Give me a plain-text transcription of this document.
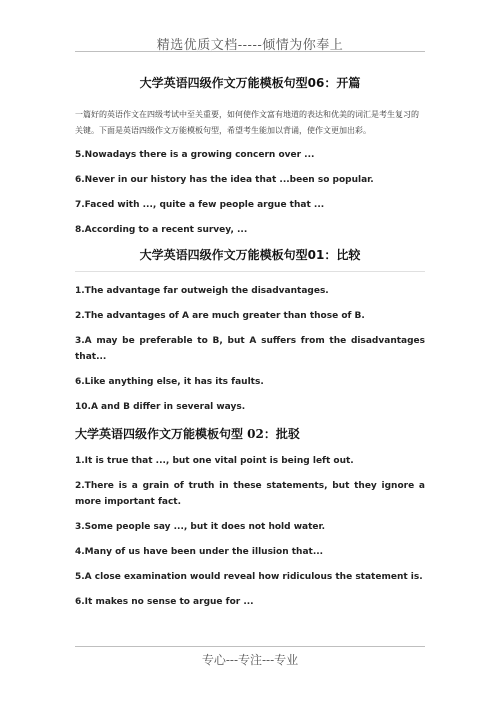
精选优质文档-----倾情为你奉上
大学英语四级作文万能模板句型06：开篇

一篇好的英语作文在四级考试中至关重要，如何使作文富有地道的表达和优美的词汇是考生复习的关键。下面是英语四级作文万能模板句型，希望考生能加以背诵，使作文更加出彩。

5.Nowadays there is a growing concern over ...

6.Never in our history has the idea that ...been so popular.

7.Faced with ..., quite a few people argue that ...

8.According to a recent survey, ...

大学英语四级作文万能模板句型01：比较

1.The advantage far outweigh the disadvantages.

2.The advantages of A are much greater than those of B.

3.A may be preferable to B, but A suffers from the disadvantages that...

6.Like anything else, it has its faults.

10.A and B differ in several ways.

大学英语四级作文万能模板句型 02：批驳

1.It is true that ..., but one vital point is being left out.

2.There is a grain of truth in these statements, but they ignore a more important fact.

3.Some people say ..., but it does not hold water.

4.Many of us have been under the illusion that...

5.A close examination would reveal how ridiculous the statement is.

6.It makes no sense to argue for ...

专心---专注---专业
